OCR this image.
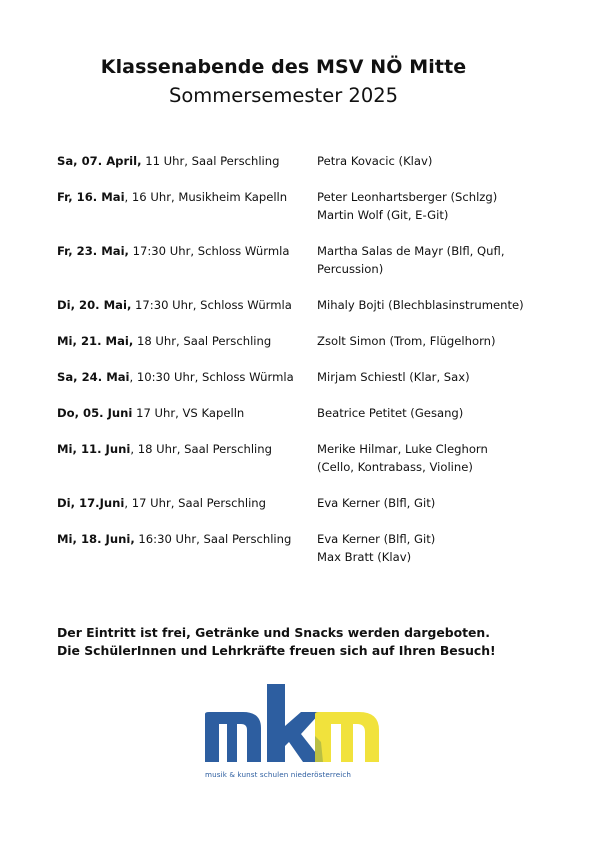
Klassenabende des MSV NÖ Mitte
Sommersemester 2025
Sa, 07. April, 11 Uhr, Saal Perschling	Petra Kovacic (Klav)
Fr, 16. Mai, 16 Uhr, Musikheim Kapelln	Peter Leonhartsberger (Schlzg)
Martin Wolf (Git, E-Git)
Fr, 23. Mai, 17:30 Uhr, Schloss Würmla	Martha Salas de Mayr (Blfl, Qufl,
Percussion)
Di, 20. Mai, 17:30 Uhr, Schloss Würmla	Mihaly Bojti (Blechblasinstrumente)
Mi, 21. Mai, 18 Uhr, Saal Perschling	Zsolt Simon (Trom, Flügelhorn)
Sa, 24. Mai, 10:30 Uhr, Schloss Würmla	Mirjam Schiestl (Klar, Sax)
Do, 05. Juni 17 Uhr, VS Kapelln	Beatrice Petitet (Gesang)
Mi, 11. Juni, 18 Uhr, Saal Perschling	Merike Hilmar, Luke Cleghorn
(Cello, Kontrabass, Violine)
Di, 17.Juni, 17 Uhr, Saal Perschling	Eva Kerner (Blfl, Git)
Mi, 18. Juni, 16:30 Uhr, Saal Perschling	Eva Kerner (Blfl, Git)
Max Bratt (Klav)
Der Eintritt ist frei, Getränke und Snacks werden dargeboten.
Die SchülerInnen und Lehrkräfte freuen sich auf Ihren Besuch!
musik & kunst schulen niederösterreich
